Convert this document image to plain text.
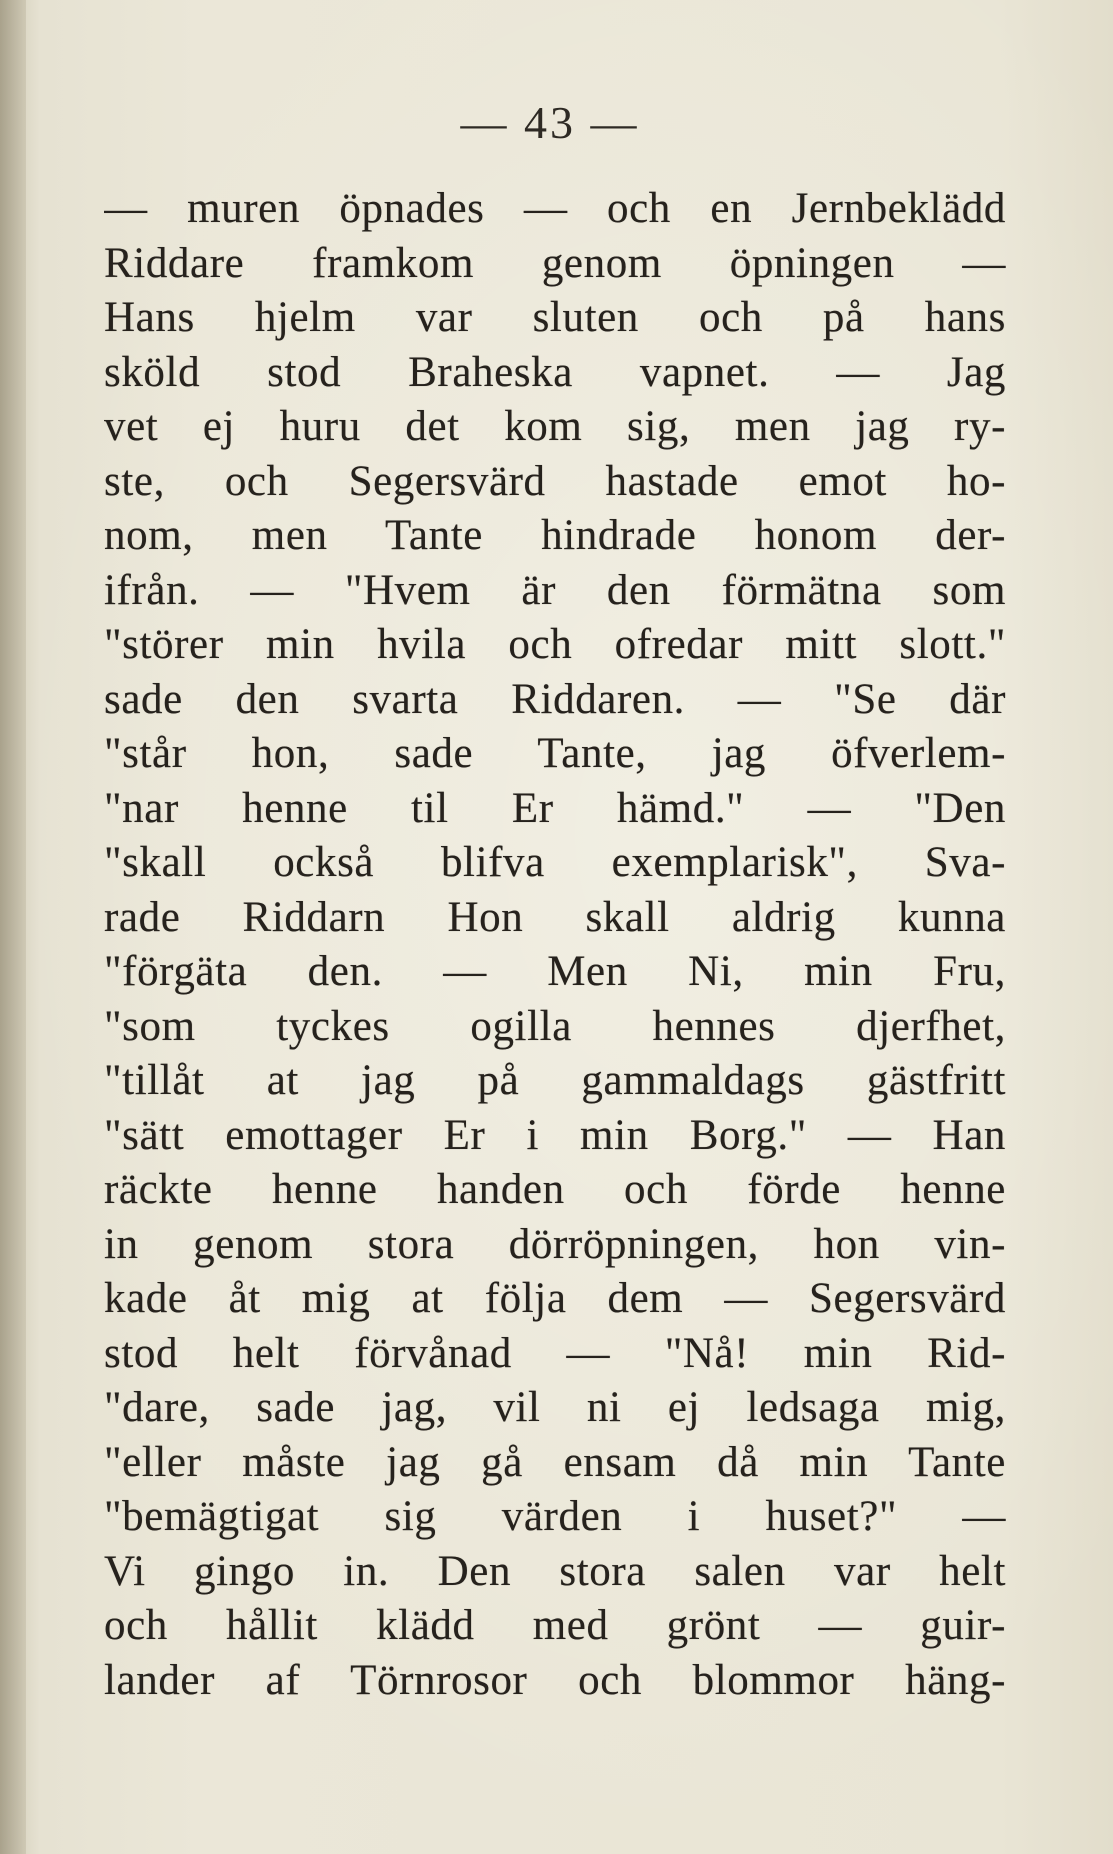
— 43 —
— muren öpnades — och en Jernbeklädd
Riddare framkom genom öpningen —
Hans hjelm var sluten och på hans
sköld stod Braheska vapnet. — Jag
vet ej huru det kom sig, men jag ry-
ste, och Segersvärd hastade emot ho-
nom, men Tante hindrade honom der-
ifrån. — "Hvem är den förmätna som
"störer min hvila och ofredar mitt slott."
sade den svarta Riddaren. — "Se där
"står hon, sade Tante, jag öfverlem-
"nar henne til Er hämd." — "Den
"skall också blifva exemplarisk", Sva-
rade Riddarn Hon skall aldrig kunna
"förgäta den. — Men Ni, min Fru,
"som tyckes ogilla hennes djerfhet,
"tillåt at jag på gammaldags gästfritt
"sätt emottager Er i min Borg." — Han
räckte henne handen och förde henne
in genom stora dörröpningen, hon vin-
kade åt mig at följa dem — Segersvärd
stod helt förvånad — "Nå! min Rid-
"dare, sade jag, vil ni ej ledsaga mig,
"eller måste jag gå ensam då min Tante
"bemägtigat sig värden i huset?" —
Vi gingo in. Den stora salen var helt
och hållit klädd med grönt — guir-
lander af Törnrosor och blommor häng-
